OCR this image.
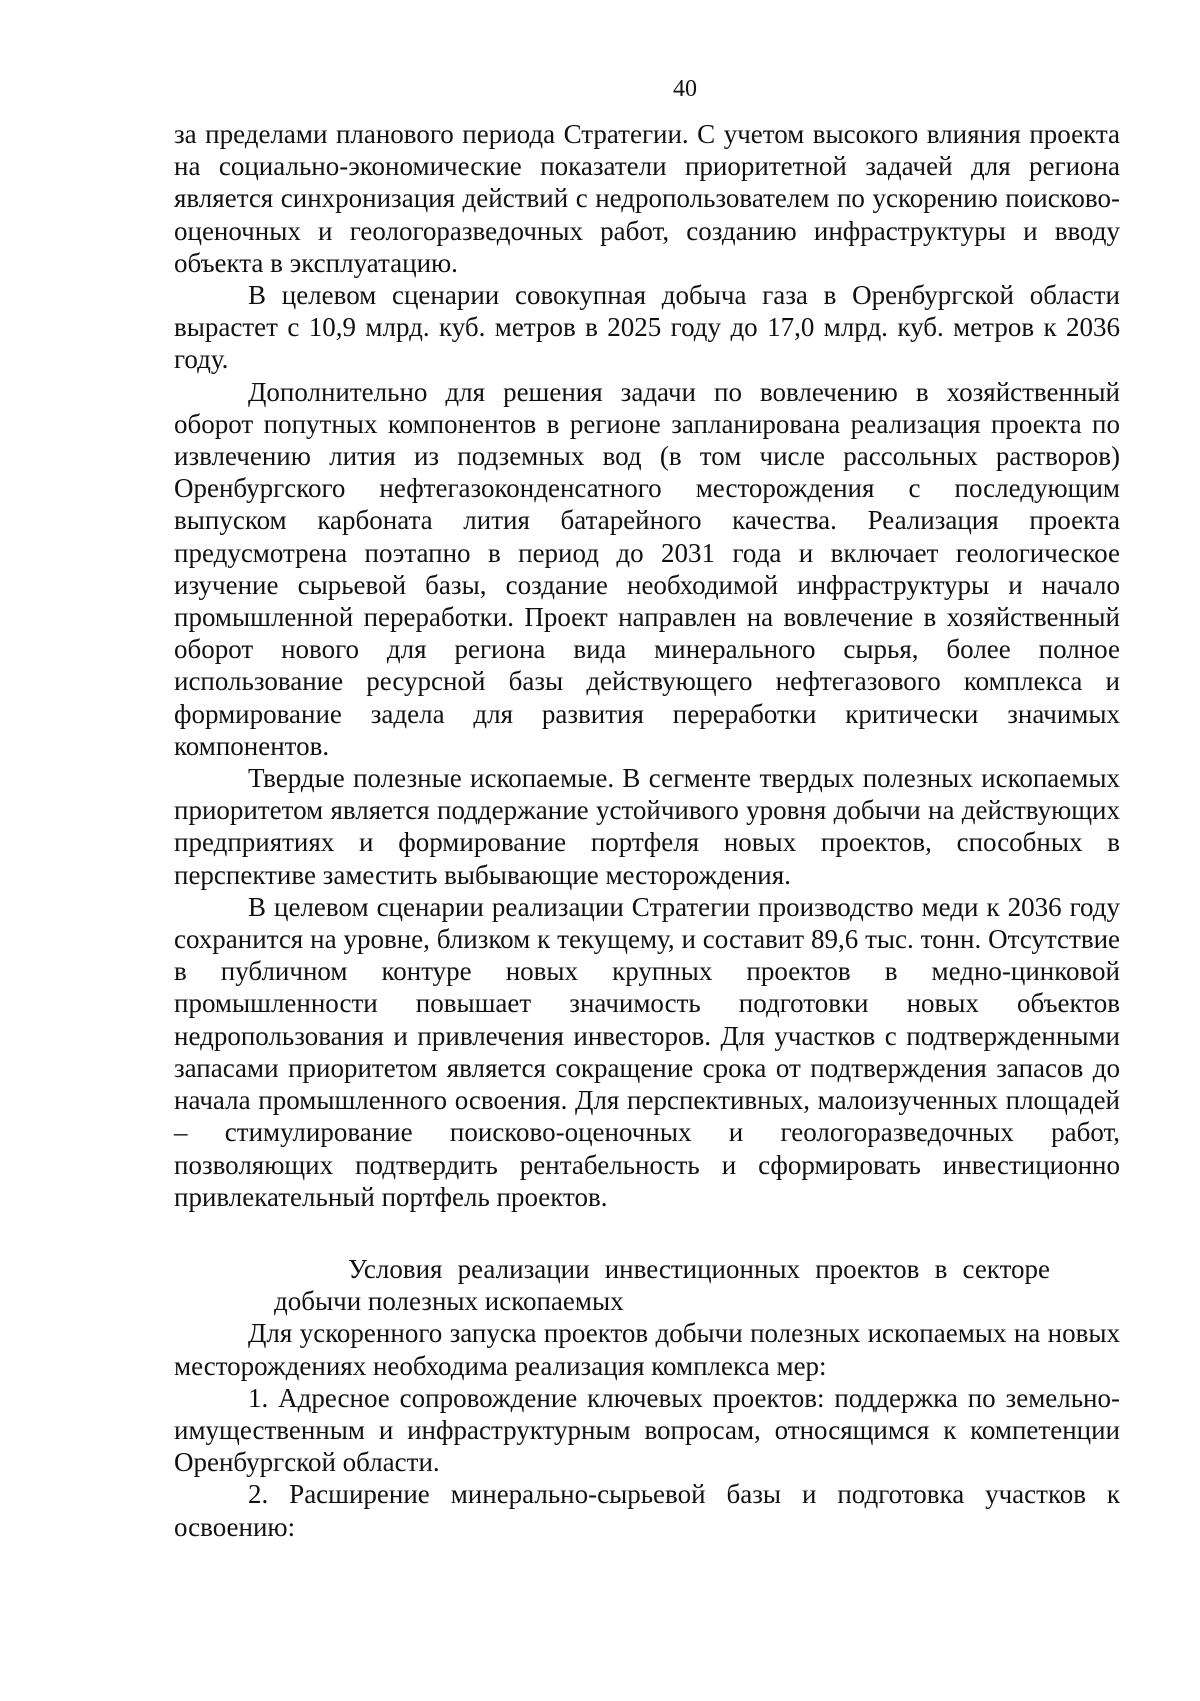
40

за пределами планового периода Стратегии. С учетом высокого влияния проекта на социально-экономические показатели приоритетной задачей для региона является синхронизация действий с недропользователем по ускорению поисково-оценочных и геологоразведочных работ, созданию инфраструктуры и вводу объекта в эксплуатацию.

В целевом сценарии совокупная добыча газа в Оренбургской области вырастет с 10,9 млрд. куб. метров в 2025 году до 17,0 млрд. куб. метров к 2036 году.

Дополнительно для решения задачи по вовлечению в хозяйственный оборот попутных компонентов в регионе запланирована реализация проекта по извлечению лития из подземных вод (в том числе рассольных растворов) Оренбургского нефтегазоконденсатного месторождения с последующим выпуском карбоната лития батарейного качества. Реализация проекта предусмотрена поэтапно в период до 2031 года и включает геологическое изучение сырьевой базы, создание необходимой инфраструктуры и начало промышленной переработки. Проект направлен на вовлечение в хозяйственный оборот нового для региона вида минерального сырья, более полное использование ресурсной базы действующего нефтегазового комплекса и формирование задела для развития переработки критически значимых компонентов.

Твердые полезные ископаемые. В сегменте твердых полезных ископаемых приоритетом является поддержание устойчивого уровня добычи на действующих предприятиях и формирование портфеля новых проектов, способных в перспективе заместить выбывающие месторождения.

В целевом сценарии реализации Стратегии производство меди к 2036 году сохранится на уровне, близком к текущему, и составит 89,6 тыс. тонн. Отсутствие в публичном контуре новых крупных проектов в медно-цинковой промышленности повышает значимость подготовки новых объектов недропользования и привлечения инвесторов. Для участков с подтвержденными запасами приоритетом является сокращение срока от подтверждения запасов до начала промышленного освоения. Для перспективных, малоизученных площадей – стимулирование поисково-оценочных и геологоразведочных работ, позволяющих подтвердить рентабельность и сформировать инвестиционно привлекательный портфель проектов.

Условия реализации инвестиционных проектов в секторе добычи полезных ископаемых

Для ускоренного запуска проектов добычи полезных ископаемых на новых месторождениях необходима реализация комплекса мер:

1. Адресное сопровождение ключевых проектов: поддержка по земельно-имущественным и инфраструктурным вопросам, относящимся к компетенции Оренбургской области.

2. Расширение минерально-сырьевой базы и подготовка участков к освоению:
